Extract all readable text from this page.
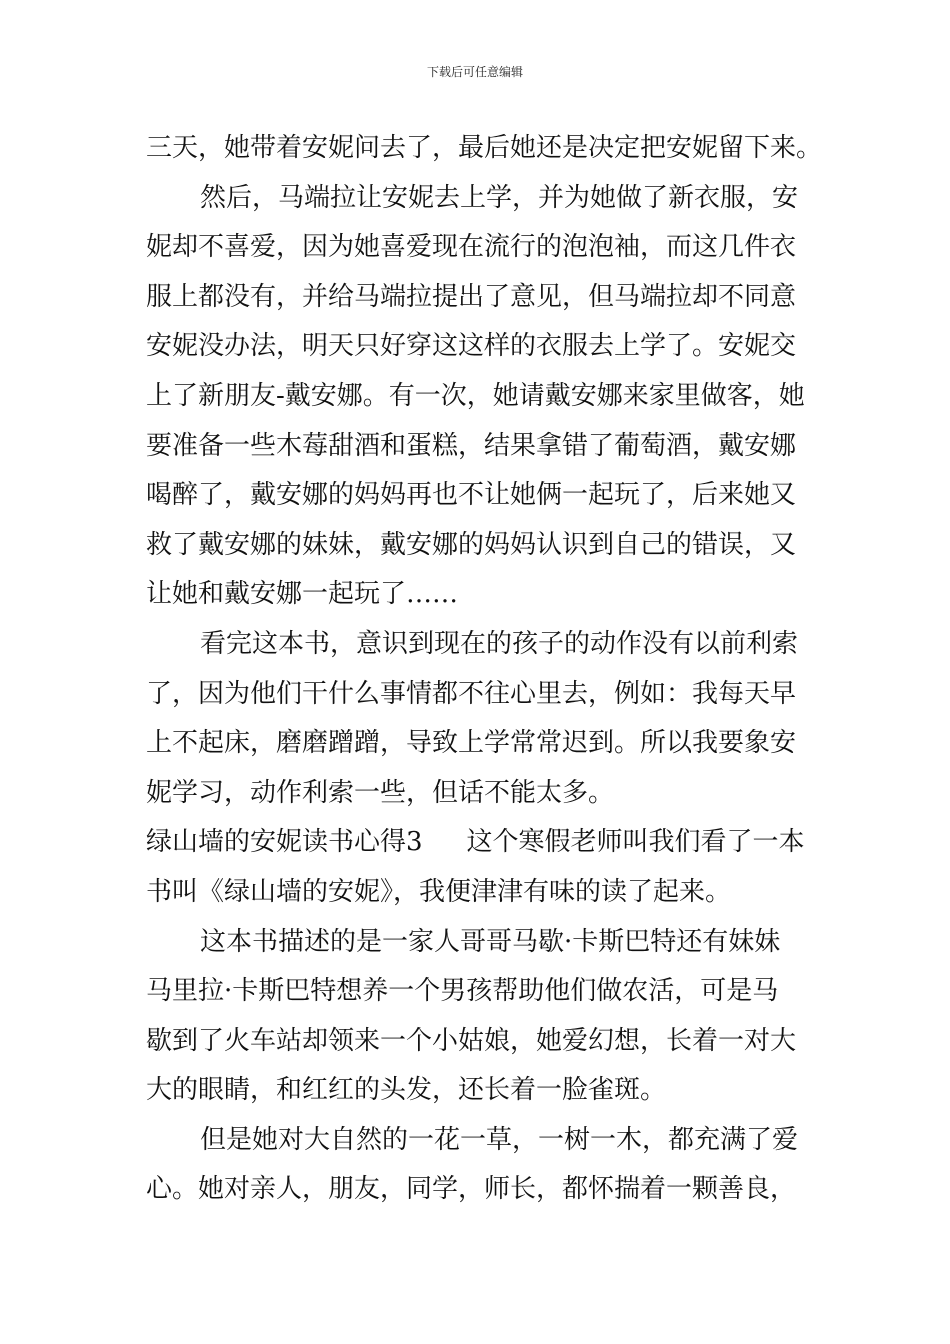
下载后可任意编辑
三天，她带着安妮问去了，最后她还是决定把安妮留下来。
然后，马端拉让安妮去上学，并为她做了新衣服，安
妮却不喜爱，因为她喜爱现在流行的泡泡袖，而这几件衣
服上都没有，并给马端拉提出了意见，但马端拉却不同意
安妮没办法，明天只好穿这这样的衣服去上学了。安妮交
上了新朋友-戴安娜。有一次，她请戴安娜来家里做客，她
要准备一些木莓甜酒和蛋糕，结果拿错了葡萄酒，戴安娜
喝醉了，戴安娜的妈妈再也不让她俩一起玩了，后来她又
救了戴安娜的妹妹，戴安娜的妈妈认识到自己的错误，又
让她和戴安娜一起玩了……
看完这本书，意识到现在的孩子的动作没有以前利索
了，因为他们干什么事情都不往心里去，例如：我每天早
上不起床，磨磨蹭蹭，导致上学常常迟到。所以我要象安
妮学习，动作利索一些，但话不能太多。
绿山墙的安妮读书心得3 这个寒假老师叫我们看了一本
书叫《绿山墙的安妮》，我便津津有味的读了起来。
这本书描述的是一家人哥哥马歇·卡斯巴特还有妹妹
马里拉·卡斯巴特想养一个男孩帮助他们做农活，可是马
歇到了火车站却领来一个小姑娘，她爱幻想，长着一对大
大的眼睛，和红红的头发，还长着一脸雀斑。
但是她对大自然的一花一草，一树一木，都充满了爱
心。她对亲人，朋友，同学，师长，都怀揣着一颗善良，
